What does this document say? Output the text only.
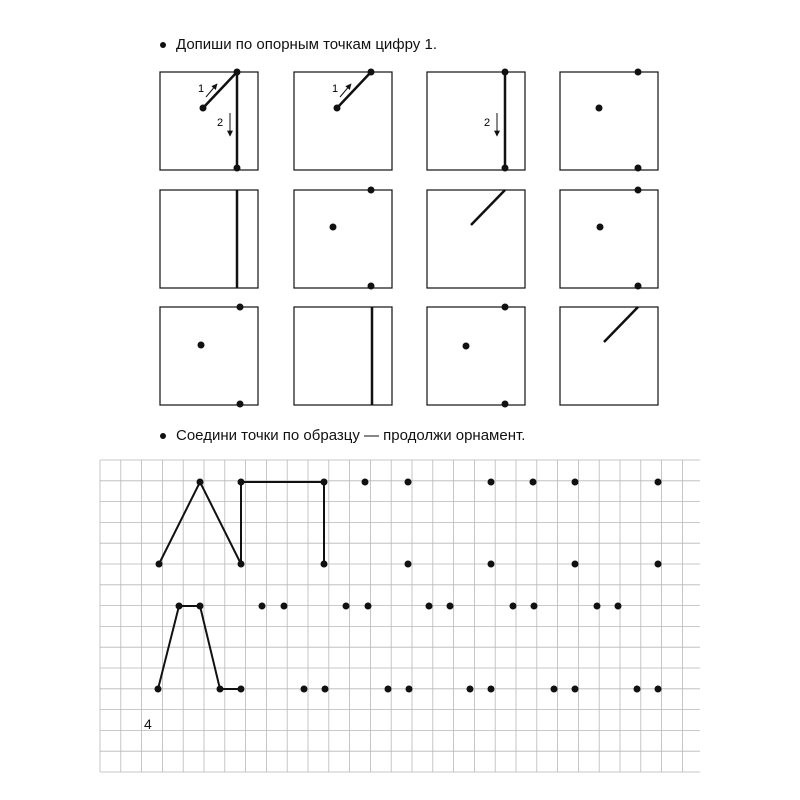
Допиши по опорным точкам цифру 1.
1
2
1
2
Соедини точки по образцу — продолжи орнамент.
4
